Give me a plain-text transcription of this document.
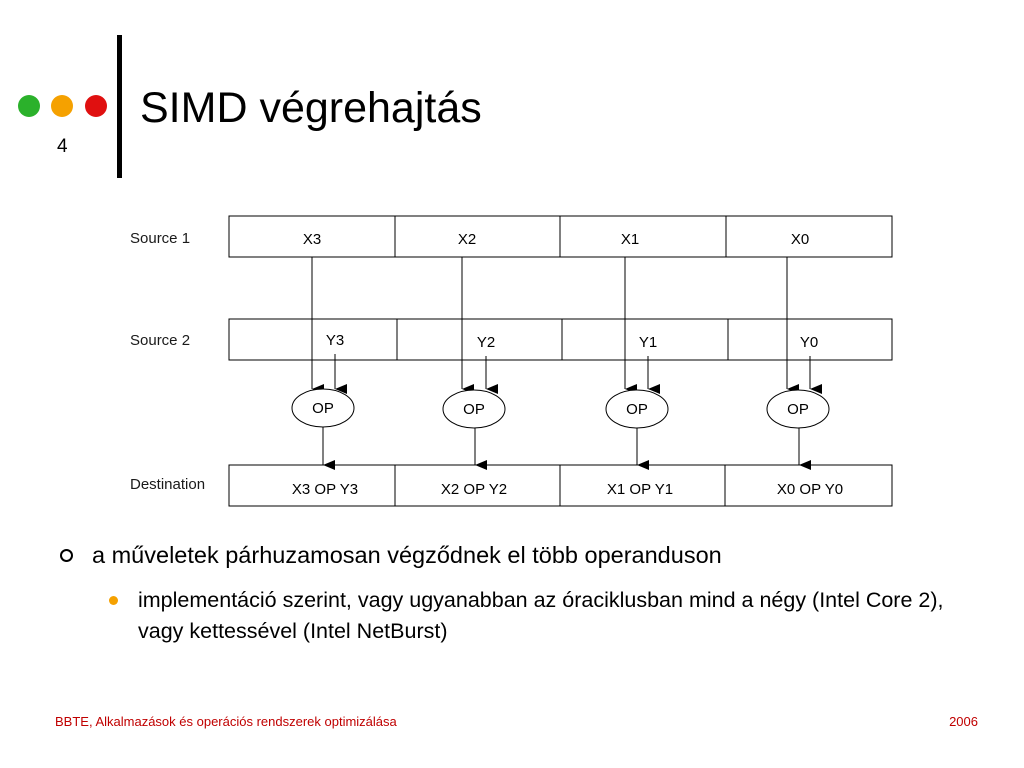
4
SIMD végrehajtás
Source 1
Source 2
Destination
X3	X2	X1	X0
Y3	Y2	Y1	Y0
X3 OP Y3	X2 OP Y2	X1 OP Y1	X0 OP Y0
OP	OP	OP	OP
a műveletek párhuzamosan végződnek el több operanduson
implementáció szerint, vagy ugyanabban az óraciklusban mind a négy (Intel Core 2), vagy kettessével (Intel NetBurst)
BBTE, Alkalmazások és operációs rendszerek optimizálása	2006
